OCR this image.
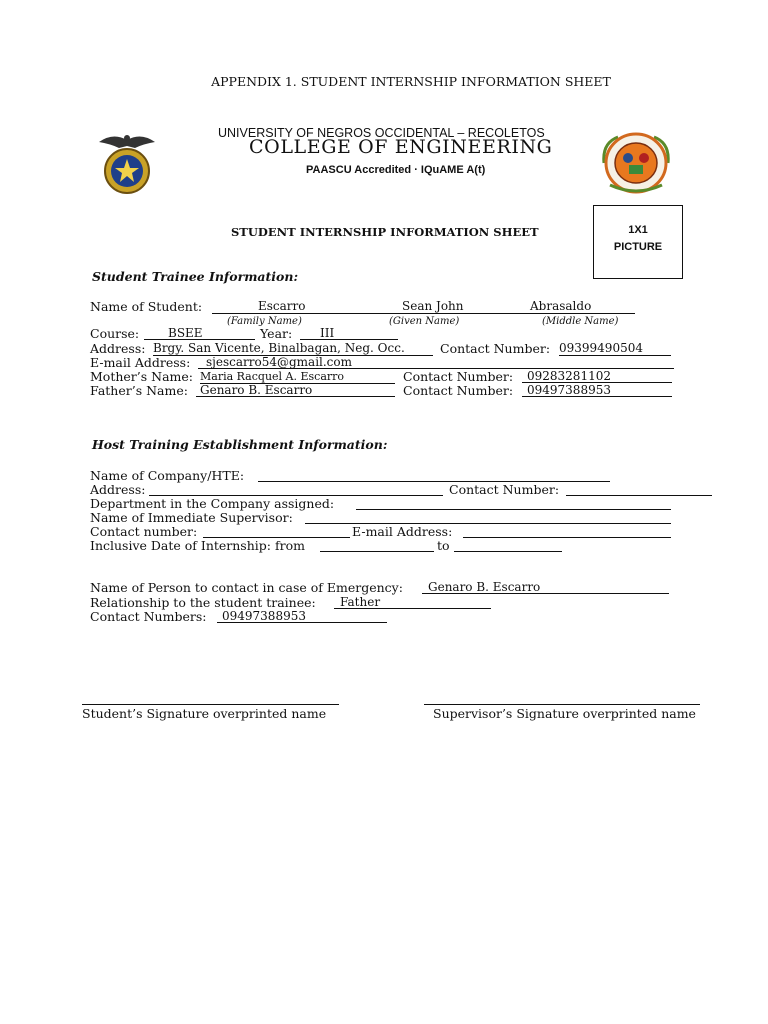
APPENDIX 1. STUDENT INTERNSHIP INFORMATION SHEET
UNIVERSITY OF NEGROS OCCIDENTAL – RECOLETOS
COLLEGE OF ENGINEERING
PAASCU Accredited · IQuAME A(t)
STUDENT INTERNSHIP INFORMATION SHEET	1X1
PICTURE
Student Trainee Information:
Name of Student:	Escarro	Sean John	Abrasaldo
(Family Name)	(Given Name)	(Middle Name)
Course:	BSEE	Year:	III
Address: Brgy. San Vicente, Binalbagan, Neg. Occ.	Contact Number: 09399490504
E-mail Address:	sjescarro54@gmail.com
Mother’s Name: Maria Racquel A. Escarro	Contact Number:	09283281102
Father’s Name:	Genaro B. Escarro	Contact Number:	09497388953
Host Training Establishment Information:
Name of Company/HTE:
Address:	Contact Number:
Department in the Company assigned:
Name of Immediate Supervisor:
Contact number:	E-mail Address:
Inclusive Date of Internship: from	to
Name of Person to contact in case of Emergency:	Genaro B. Escarro
Relationship to the student trainee:	Father
Contact Numbers:	09497388953
Student’s Signature overprinted name	Supervisor’s Signature overprinted name
